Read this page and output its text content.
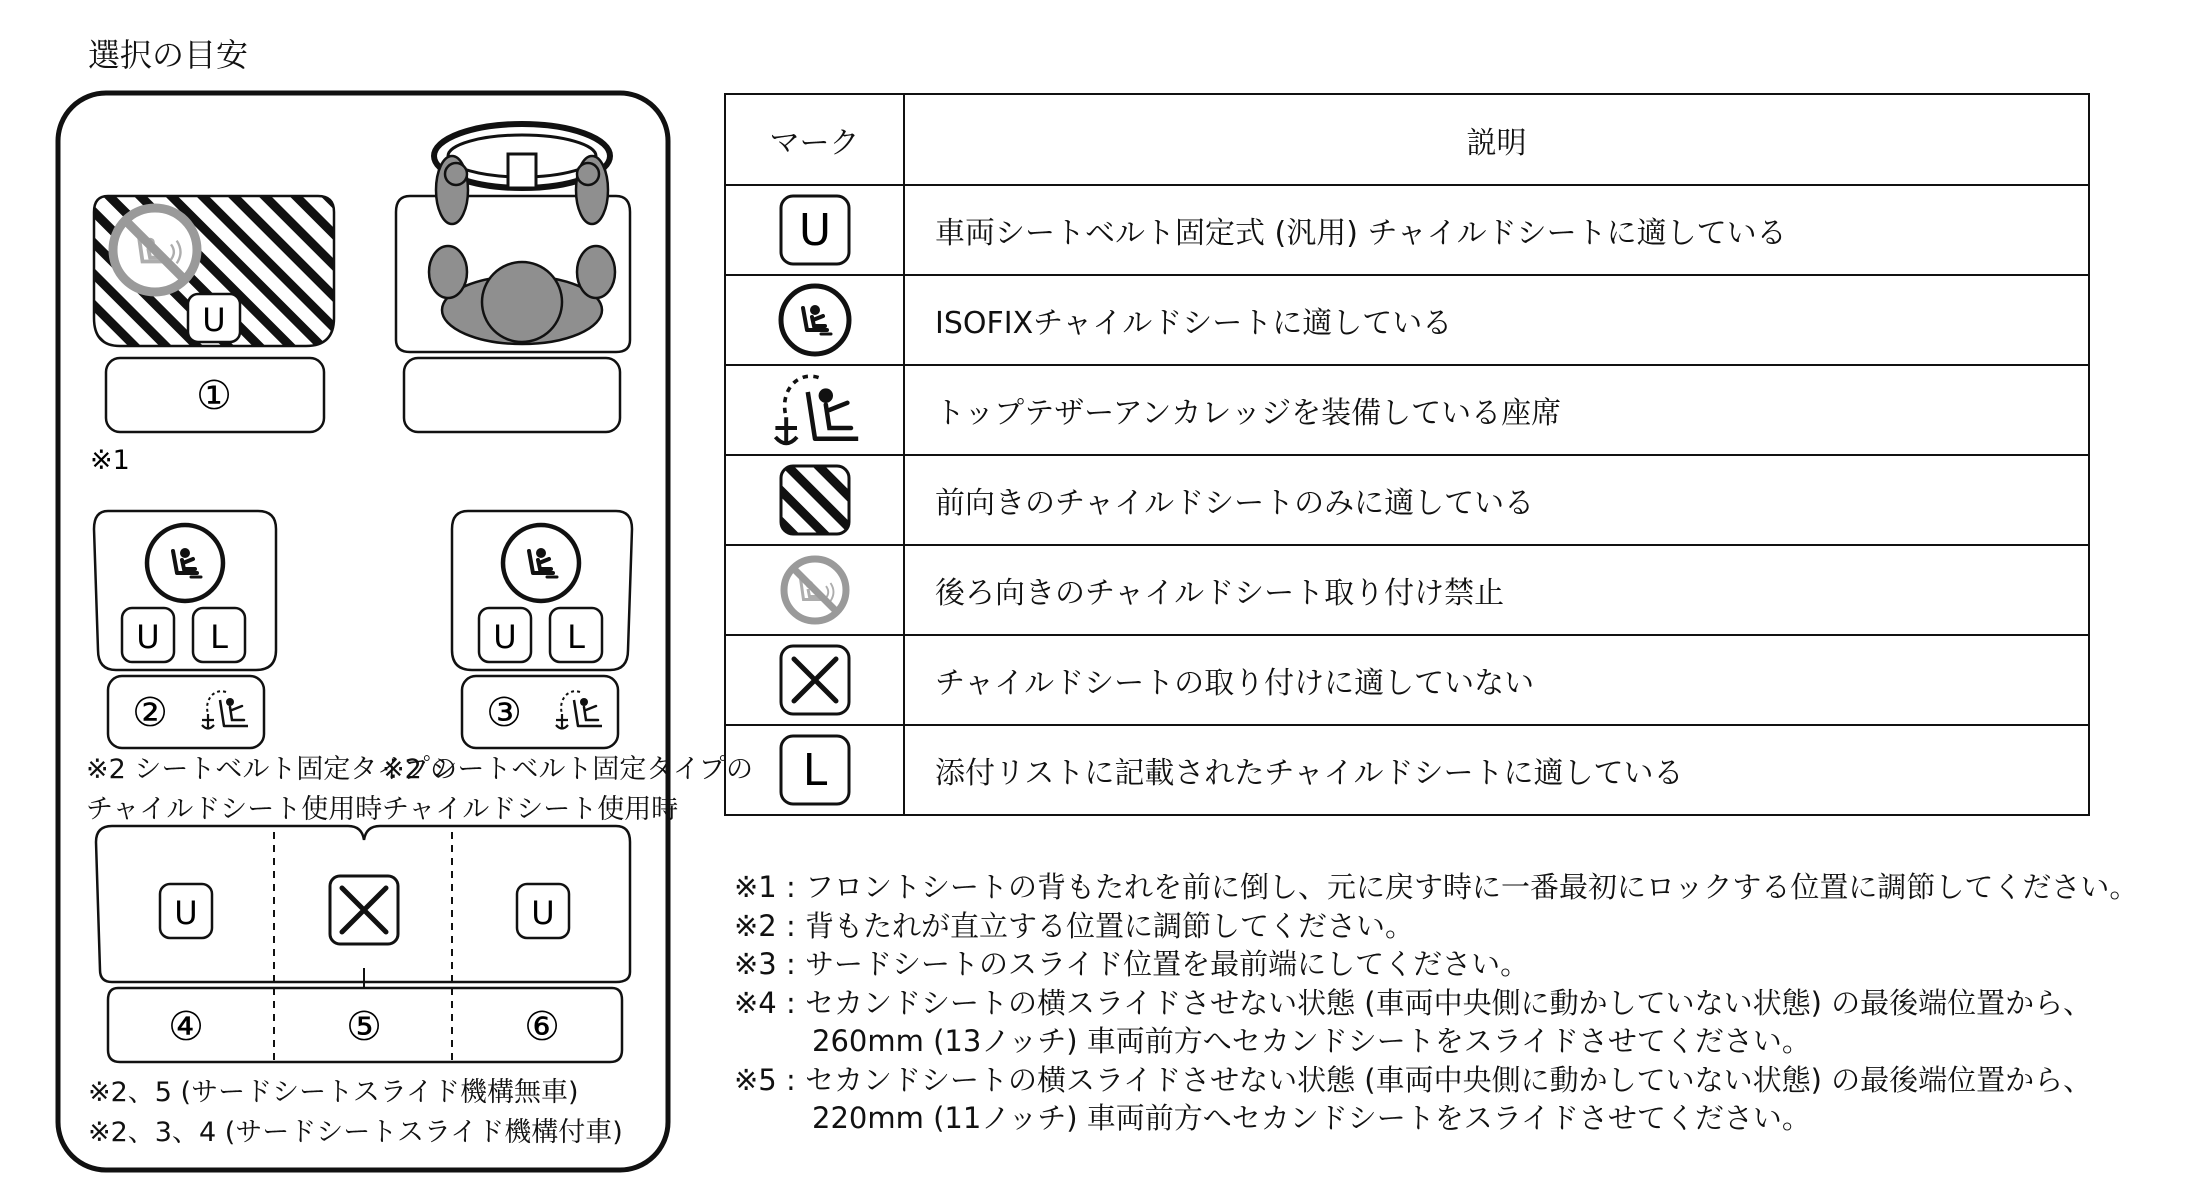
選択の目安
U
①
※1
U L
②
U L
③
U	U
④	⑤	⑥
※2 シートベルト固定タイプの
チャイルドシート使用時
※2 シートベルト固定タイプの
チャイルドシート使用時
※2、5 (サードシートスライド機構無車)
※2、3、4 (サードシートスライド機構付車)
マーク	説明

U	車両シートベルト固定式 (汎用) チャイルドシートに適している

	ISOFIXチャイルドシートに適している

	トップテザーアンカレッジを装備している座席

	前向きのチャイルドシートのみに適している

	後ろ向きのチャイルドシート取り付け禁止

	チャイルドシートの取り付けに適していない

L	添付リストに記載されたチャイルドシートに適している
※1 : フロントシートの背もたれを前に倒し、元に戻す時に一番最初にロックする位置に調節してください。
※2 : 背もたれが直立する位置に調節してください。
※3 : サードシートのスライド位置を最前端にしてください。
※4 : セカンドシートの横スライドさせない状態 (車両中央側に動かしていない状態) の最後端位置から、
260mm (13ノッチ) 車両前方へセカンドシートをスライドさせてください。
※5 : セカンドシートの横スライドさせない状態 (車両中央側に動かしていない状態) の最後端位置から、
220mm (11ノッチ) 車両前方へセカンドシートをスライドさせてください。
